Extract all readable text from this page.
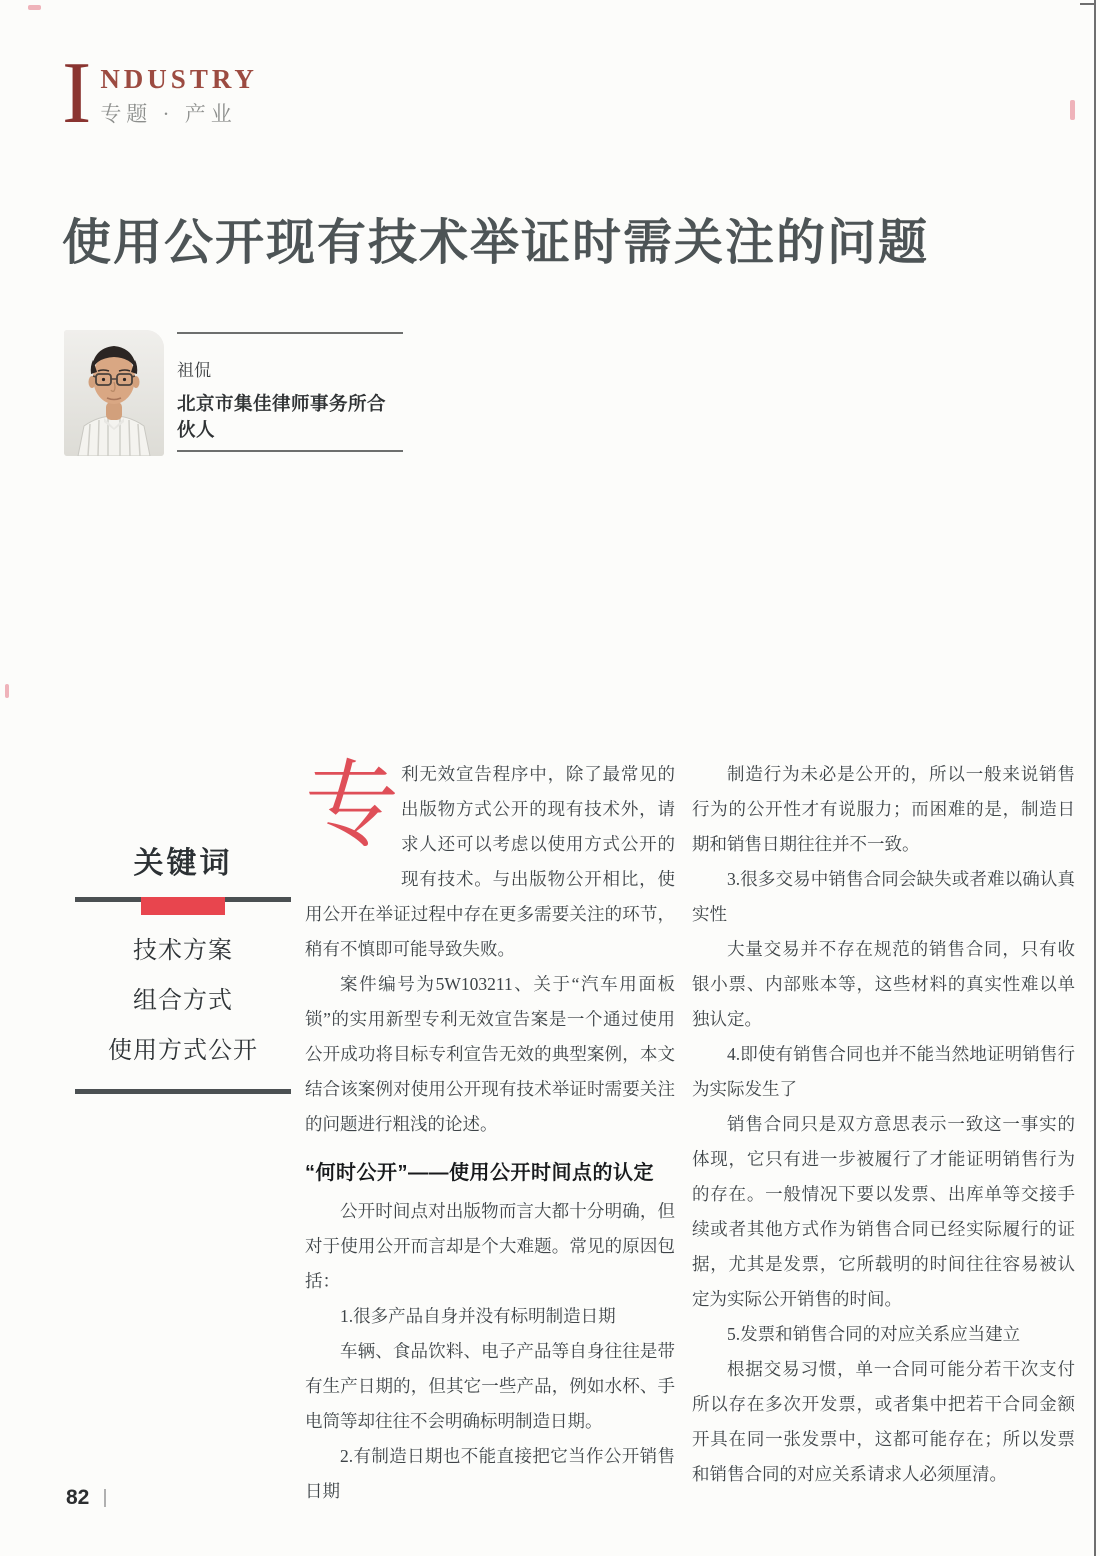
I NDUSTRY
专题 · 产业
使用公开现有技术举证时需关注的问题
祖侃
北京市集佳律师事务所合伙人
关键词
技术方案
组合方式
使用方式公开

专利无效宣告程序中，除了最常见的出版物方式公开的现有技术外，请求人还可以考虑以使用方式公开的现有技术。与出版物公开相比，使用公开在举证过程中存在更多需要关注的环节，稍有不慎即可能导致失败。

案件编号为5W103211、关于“汽车用面板锁”的实用新型专利无效宣告案是一个通过使用公开成功将目标专利宣告无效的典型案例，本文结合该案例对使用公开现有技术举证时需要关注的问题进行粗浅的论述。

“何时公开”——使用公开时间点的认定

公开时间点对出版物而言大都十分明确，但对于使用公开而言却是个大难题。常见的原因包括：

1.很多产品自身并没有标明制造日期

车辆、食品饮料、电子产品等自身往往是带有生产日期的，但其它一些产品，例如水杯、手电筒等却往往不会明确标明制造日期。

2.有制造日期也不能直接把它当作公开销售日期

制造行为未必是公开的，所以一般来说销售行为的公开性才有说服力；而困难的是，制造日期和销售日期往往并不一致。

3.很多交易中销售合同会缺失或者难以确认真实性

大量交易并不存在规范的销售合同，只有收银小票、内部账本等，这些材料的真实性难以单独认定。

4.即使有销售合同也并不能当然地证明销售行为实际发生了

销售合同只是双方意思表示一致这一事实的体现，它只有进一步被履行了才能证明销售行为的存在。一般情况下要以发票、出库单等交接手续或者其他方式作为销售合同已经实际履行的证据，尤其是发票，它所载明的时间往往容易被认定为实际公开销售的时间。

5.发票和销售合同的对应关系应当建立

根据交易习惯，单一合同可能分若干次支付所以存在多次开发票，或者集中把若干合同金额开具在同一张发票中，这都可能存在；所以发票和销售合同的对应关系请求人必须厘清。

82
